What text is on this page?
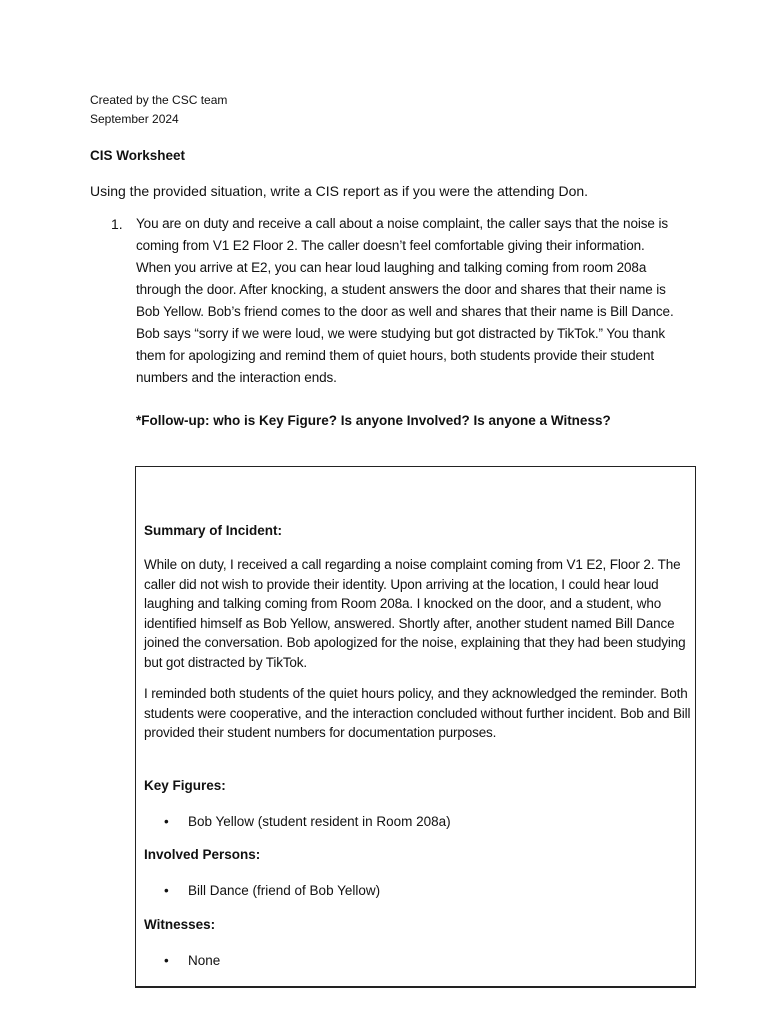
Created by the CSC team
September 2024
CIS Worksheet
Using the provided situation, write a CIS report as if you were the attending Don.
1. You are on duty and receive a call about a noise complaint, the caller says that the noise is coming from V1 E2 Floor 2. The caller doesn’t feel comfortable giving their information. When you arrive at E2, you can hear loud laughing and talking coming from room 208a through the door. After knocking, a student answers the door and shares that their name is Bob Yellow. Bob’s friend comes to the door as well and shares that their name is Bill Dance. Bob says “sorry if we were loud, we were studying but got distracted by TikTok.” You thank them for apologizing and remind them of quiet hours, both students provide their student numbers and the interaction ends.
*Follow-up: who is Key Figure? Is anyone Involved? Is anyone a Witness?
Summary of Incident:
While on duty, I received a call regarding a noise complaint coming from V1 E2, Floor 2. The caller did not wish to provide their identity. Upon arriving at the location, I could hear loud laughing and talking coming from Room 208a. I knocked on the door, and a student, who identified himself as Bob Yellow, answered. Shortly after, another student named Bill Dance joined the conversation. Bob apologized for the noise, explaining that they had been studying but got distracted by TikTok.
I reminded both students of the quiet hours policy, and they acknowledged the reminder. Both students were cooperative, and the interaction concluded without further incident. Bob and Bill provided their student numbers for documentation purposes.
Key Figures:
• Bob Yellow (student resident in Room 208a)
Involved Persons:
• Bill Dance (friend of Bob Yellow)
Witnesses:
• None
